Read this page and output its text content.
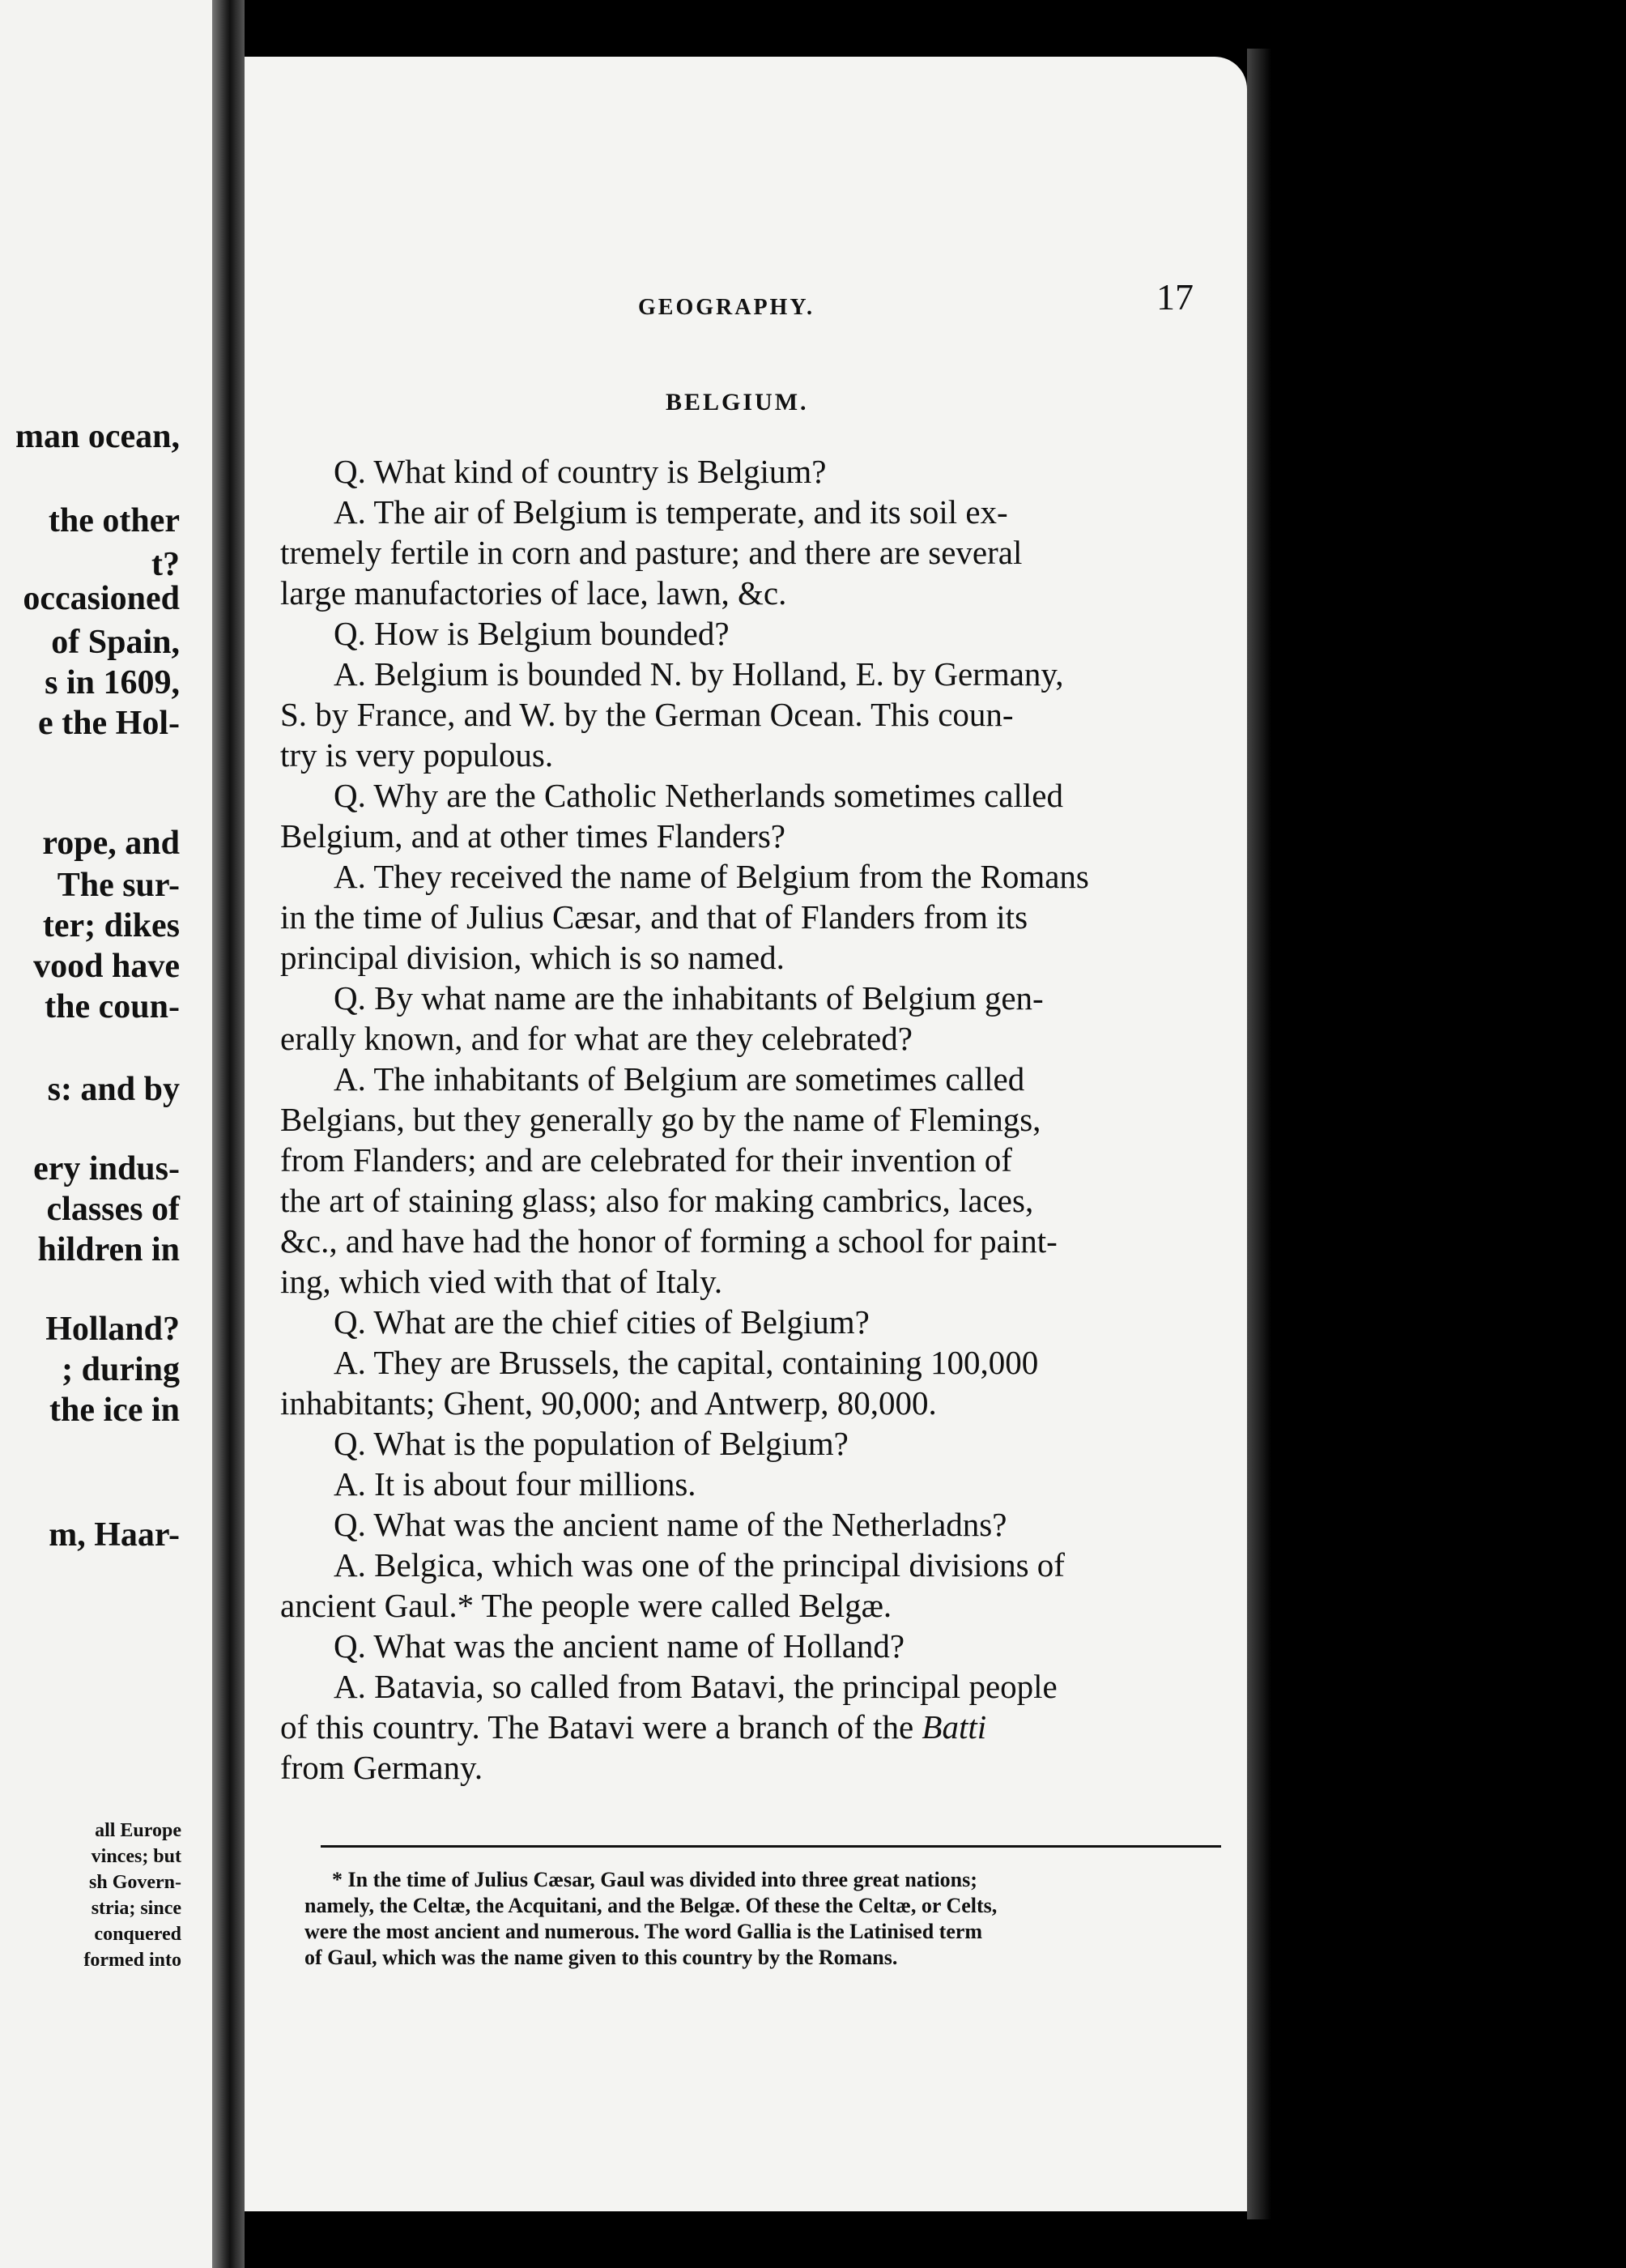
man ocean,
the other
t?
occasioned
of Spain,
s in 1609,
e the Hol-
rope, and
The sur-
ter; dikes
vood have
the coun-
s: and by
ery indus-
classes of
hildren in
Holland?
; during
the ice in
m, Haar-
all Europe
vinces; but
sh Govern-
stria; since
conquered
formed into
GEOGRAPHY.	17
BELGIUM.
Q. What kind of country is Belgium?
A. The air of Belgium is temperate, and its soil ex-
tremely fertile in corn and pasture; and there are several
large manufactories of lace, lawn, &c.
Q. How is Belgium bounded?
A. Belgium is bounded N. by Holland, E. by Germany,
S. by France, and W. by the German Ocean. This coun-
try is very populous.
Q. Why are the Catholic Netherlands sometimes called
Belgium, and at other times Flanders?
A. They received the name of Belgium from the Romans
in the time of Julius Cæsar, and that of Flanders from its
principal division, which is so named.
Q. By what name are the inhabitants of Belgium gen-
erally known, and for what are they celebrated?
A. The inhabitants of Belgium are sometimes called
Belgians, but they generally go by the name of Flemings,
from Flanders; and are celebrated for their invention of
the art of staining glass; also for making cambrics, laces,
&c., and have had the honor of forming a school for paint-
ing, which vied with that of Italy.
Q. What are the chief cities of Belgium?
A. They are Brussels, the capital, containing 100,000
inhabitants; Ghent, 90,000; and Antwerp, 80,000.
Q. What is the population of Belgium?
A. It is about four millions.
Q. What was the ancient name of the Netherladns?
A. Belgica, which was one of the principal divisions of
ancient Gaul.* The people were called Belgæ.
Q. What was the ancient name of Holland?
A. Batavia, so called from Batavi, the principal people
of this country. The Batavi were a branch of the Batti
from Germany.
* In the time of Julius Cæsar, Gaul was divided into three great nations;
namely, the Celtæ, the Acquitani, and the Belgæ. Of these the Celtæ, or Celts,
were the most ancient and numerous. The word Gallia is the Latinised term
of Gaul, which was the name given to this country by the Romans.
